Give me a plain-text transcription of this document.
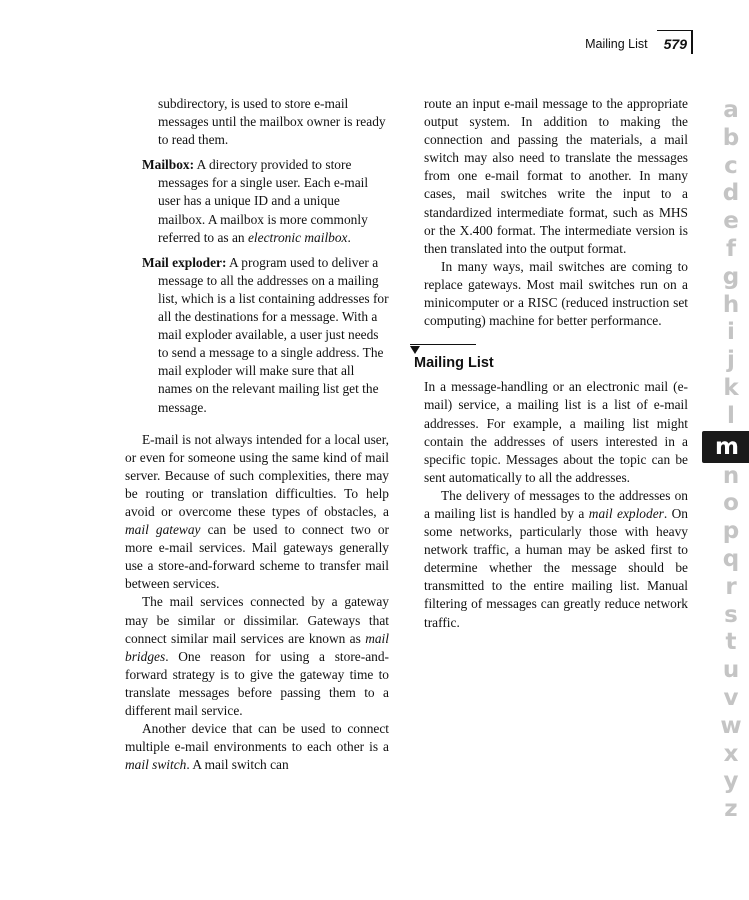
Mailing List 579

subdirectory, is used to store e-mail messages until the mailbox owner is ready to read them.

Mailbox: A directory provided to store messages for a single user. Each e-mail user has a unique ID and a unique mailbox. A mailbox is more commonly referred to as an electronic mailbox.

Mail exploder: A program used to deliver a message to all the addresses on a mailing list, which is a list containing addresses for all the destinations for a message. With a mail exploder available, a user just needs to send a message to a single address. The mail exploder will make sure that all names on the relevant mailing list get the message.

E-mail is not always intended for a local user, or even for someone using the same kind of mail server. Because of such complexities, there may be routing or translation difficulties. To help avoid or overcome these types of obstacles, a mail gateway can be used to connect two or more e-mail services. Mail gateways generally use a store-and-forward scheme to transfer mail between services.

The mail services connected by a gateway may be similar or dissimilar. Gateways that connect similar mail services are known as mail bridges. One reason for using a store-and-forward strategy is to give the gateway time to translate messages before passing them to a different mail service.

Another device that can be used to connect multiple e-mail environments to each other is a mail switch. A mail switch can

route an input e-mail message to the appropriate output system. In addition to making the connection and passing the materials, a mail switch may also need to translate the messages from one e-mail format to another. In many cases, mail switches write the input to a standardized intermediate format, such as MHS or the X.400 format. The intermediate version is then translated into the output format.

In many ways, mail switches are coming to replace gateways. Most mail switches run on a minicomputer or a RISC (reduced instruction set computing) machine for better performance.

Mailing List

In a message-handling or an electronic mail (e-mail) service, a mailing list is a list of e-mail addresses. For example, a mailing list might contain the addresses of users interested in a specific topic. Messages about the topic can be sent automatically to all the addresses.

The delivery of messages to the addresses on a mailing list is handled by a mail exploder. On some networks, particularly those with heavy network traffic, a human may be asked first to determine whether the message should be transmitted to the entire mailing list. Manual filtering of messages can greatly reduce network traffic.

a
b
c
d
e
f
g
h
i
j
k
l
m
n
o
p
q
r
s
t
u
v
w
x
y
z
